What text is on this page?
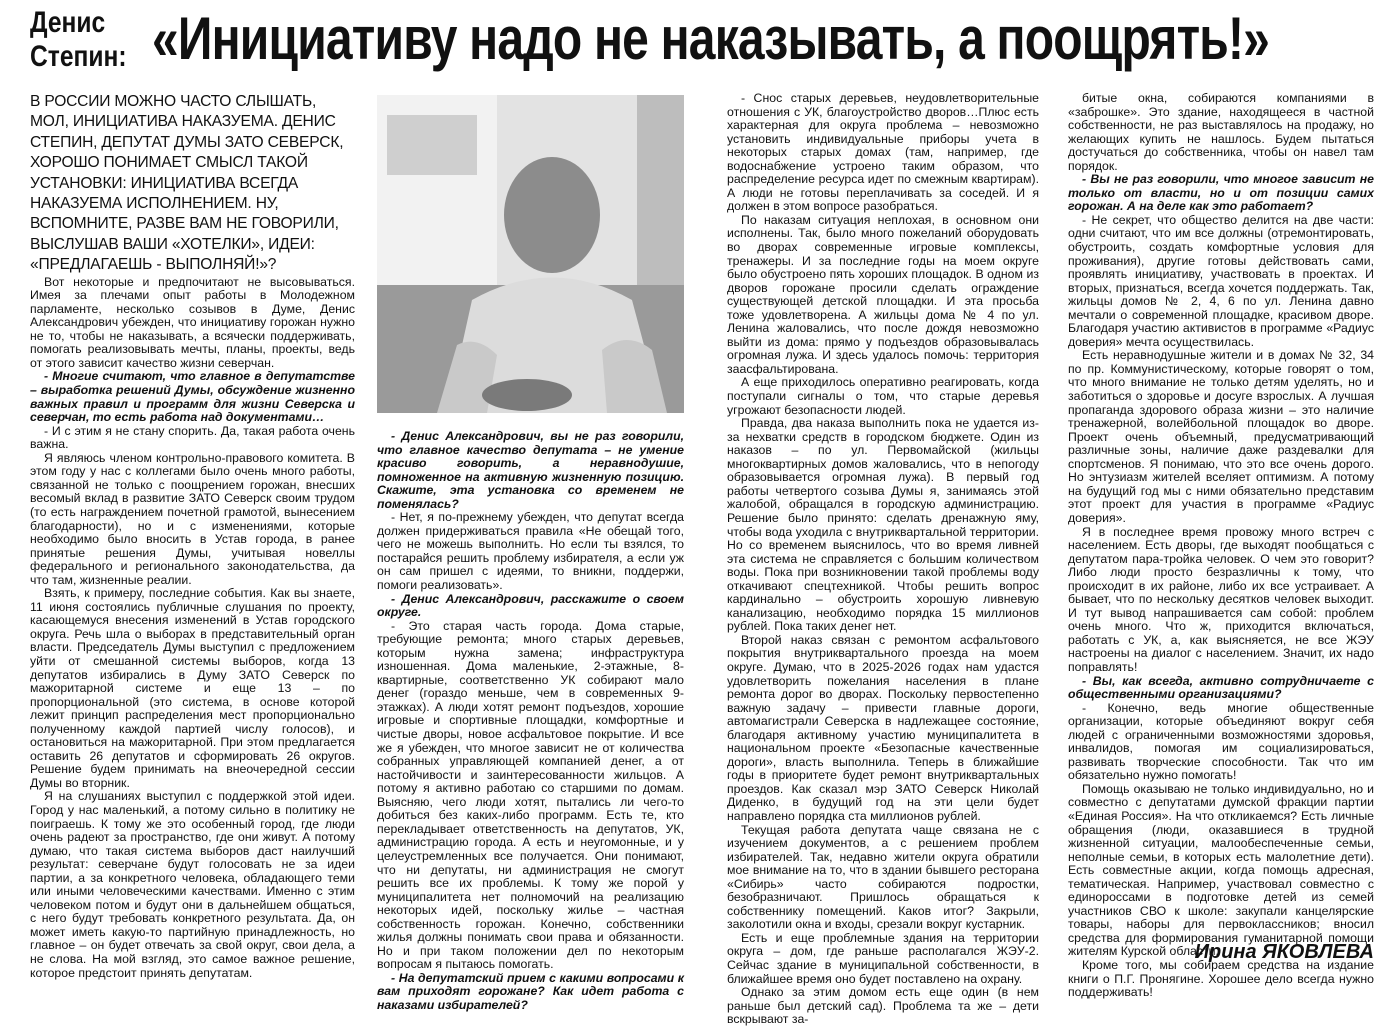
Денис
Степин: «Инициативу надо не наказывать, а поощрять!»
В РОССИИ МОЖНО ЧАСТО СЛЫШАТЬ, МОЛ, ИНИЦИАТИВА НАКАЗУЕМА. ДЕНИС СТЕПИН, ДЕПУТАТ ДУМЫ ЗАТО СЕВЕРСК, ХОРОШО ПОНИМАЕТ СМЫСЛ ТАКОЙ УСТАНОВКИ: ИНИЦИАТИВА ВСЕГДА НАКАЗУЕМА ИСПОЛНЕНИЕМ. НУ, ВСПОМНИТЕ, РАЗВЕ ВАМ НЕ ГОВОРИЛИ, ВЫСЛУШАВ ВАШИ «ХОТЕЛКИ», ИДЕИ: «ПРЕДЛАГАЕШЬ - ВЫПОЛНЯЙ!»?

Вот некоторые и предпочитают не высовываться. Имея за плечами опыт работы в Молодежном парламенте, несколько созывов в Думе, Денис Александрович убежден, что инициативу горожан нужно не то, чтобы не наказывать, а всячески поддерживать, помогать реализовывать мечты, планы, проекты, ведь от этого зависит качество жизни северчан.

- Многие считают, что главное в депутатстве – выработка решений Думы, обсуждение жизненно важных правил и программ для жизни Северска и северчан, то есть работа над документами…

- И с этим я не стану спорить. Да, такая работа очень важна.

Я являюсь членом контрольно-правового комитета. В этом году у нас с коллегами было очень много работы, связанной не только с поощрением горожан, внесших весомый вклад в развитие ЗАТО Северск своим трудом (то есть награждением почетной грамотой, вынесением благодарности), но и с изменениями, которые необходимо было вносить в Устав города, в ранее принятые решения Думы, учитывая новеллы федерального и регионального законодательства, да что там, жизненные реалии.

Взять, к примеру, последние события. Как вы знаете, 11 июня состоялись публичные слушания по проекту, касающемуся внесения изменений в Устав городского округа. Речь шла о выборах в представительный орган власти. Председатель Думы выступил с предложением уйти от смешанной системы выборов, когда 13 депутатов избирались в Думу ЗАТО Северск по мажоритарной системе и еще 13 – по пропорциональной (это система, в основе которой лежит принцип распределения мест пропорционально полученному каждой партией числу голосов), и остановиться на мажоритарной. При этом предлагается оставить 26 депутатов и сформировать 26 округов. Решение будем принимать на внеочередной сессии Думы во вторник.

Я на слушаниях выступил с поддержкой этой идеи. Город у нас маленький, а потому сильно в политику не поиграешь. К тому же это особенный город, где люди очень радеют за пространство, где они живут. А потому думаю, что такая система выборов даст наилучший результат: северчане будут голосовать не за идеи партии, а за конкретного человека, обладающего теми или иными человеческими качествами. Именно с этим человеком потом и будут они в дальнейшем общаться, с него будут требовать конкретного результата. Да, он может иметь какую-то партийную принадлежность, но главное – он будет отвечать за свой округ, свои дела, а не слова. На мой взгляд, это самое важное решение, которое предстоит принять депутатам.

- Денис Александрович, вы не раз говорили, что главное качество депутата – не умение красиво говорить, а неравнодушие, помноженное на активную жизненную позицию. Скажите, эта установка со временем не поменялась?

- Нет, я по-прежнему убежден, что депутат всегда должен придерживаться правила «Не обещай того, чего не можешь выполнить. Но если ты взялся, то постарайся решить проблему избирателя, а если уж он сам пришел с идеями, то вникни, поддержи, помоги реализовать».

- Денис Александрович, расскажите о своем округе.

- Это старая часть города. Дома старые, требующие ремонта; много старых деревьев, которым нужна замена; инфраструктура изношенная. Дома маленькие, 2-этажные, 8-квартирные, соответственно УК собирают мало денег (гораздо меньше, чем в современных 9-этажках). А люди хотят ремонт подъездов, хорошие игровые и спортивные площадки, комфортные и чистые дворы, новое асфальтовое покрытие. И все же я убежден, что многое зависит не от количества собранных управляющей компанией денег, а от настойчивости и заинтересованности жильцов. А потому я активно работаю со старшими по домам. Выясняю, чего люди хотят, пытались ли чего-то добиться без каких-либо программ. Есть те, кто перекладывает ответственность на депутатов, УК, администрацию города. А есть и неугомонные, и у целеустремленных все получается. Они понимают, что ни депутаты, ни администрация не смогут решить все их проблемы. К тому же порой у муниципалитета нет полномочий на реализацию некоторых идей, поскольку жилье – частная собственность горожан. Конечно, собственники жилья должны понимать свои права и обязанности. Но и при таком положении дел по некоторым вопросам я пытаюсь помогать.

- На депутатский прием с какими вопросами к вам приходят горожане? Как идет работа с наказами избирателей?

- Снос старых деревьев, неудовлетворительные отношения с УК, благоустройство дворов…Плюс есть характерная для округа проблема – невозможно установить индивидуальные приборы учета в некоторых старых домах (там, например, где водоснабжение устроено таким образом, что распределение ресурса идет по смежным квартирам). А люди не готовы переплачивать за соседей. И я должен в этом вопросе разобраться.

По наказам ситуация неплохая, в основном они исполнены. Так, было много пожеланий оборудовать во дворах современные игровые комплексы, тренажеры. И за последние годы на моем округе было обустроено пять хороших площадок. В одном из дворов горожане просили сделать ограждение существующей детской площадки. И эта просьба тоже удовлетворена. А жильцы дома № 4 по ул. Ленина жаловались, что после дождя невозможно выйти из дома: прямо у подъездов образовывалась огромная лужа. И здесь удалось помочь: территория заасфальтирована.

А еще приходилось оперативно реагировать, когда поступали сигналы о том, что старые деревья угрожают безопасности людей.

Правда, два наказа выполнить пока не удается из-за нехватки средств в городском бюджете. Один из наказов – по ул. Первомайской (жильцы многоквартирных домов жаловались, что в непогоду образовывается огромная лужа). В первый год работы четвертого созыва Думы я, занимаясь этой жалобой, обращался в городскую администрацию. Решение было принято: сделать дренажную яму, чтобы вода уходила с внутриквартальной территории. Но со временем выяснилось, что во время ливней эта система не справляется с большим количеством воды. Пока при возникновении такой проблемы воду откачивают спецтехникой. Чтобы решить вопрос кардинально – обустроить хорошую ливневую канализацию, необходимо порядка 15 миллионов рублей. Пока таких денег нет.

Второй наказ связан с ремонтом асфальтового покрытия внутриквартального проезда на моем округе. Думаю, что в 2025-2026 годах нам удастся удовлетворить пожелания населения в плане ремонта дорог во дворах. Поскольку первостепенно важную задачу – привести главные дороги, автомагистрали Северска в надлежащее состояние, благодаря активному участию муниципалитета в национальном проекте «Безопасные качественные дороги», власть выполнила. Теперь в ближайшие годы в приоритете будет ремонт внутриквартальных проездов. Как сказал мэр ЗАТО Северск Николай Диденко, в будущий год на эти цели будет направлено порядка ста миллионов рублей.

Текущая работа депутата чаще связана не с изучением документов, а с решением проблем избирателей. Так, недавно жители округа обратили мое внимание на то, что в здании бывшего ресторана «Сибирь» часто собираются подростки, безобразничают. Пришлось обращаться к собственнику помещений. Каков итог? Закрыли, заколотили окна и входы, срезали вокруг кустарник.

Есть и еще проблемные здания на территории округа – дом, где раньше располагался ЖЭУ-2. Сейчас здание в муниципальной собственности, в ближайшее время оно будет поставлено на охрану.

Однако за этим домом есть еще один (в нем раньше был детский сад). Проблема та же – дети вскрывают за-

битые окна, собираются компаниями в «заброшке». Это здание, находящееся в частной собственности, не раз выставлялось на продажу, но желающих купить не нашлось. Будем пытаться достучаться до собственника, чтобы он навел там порядок.

- Вы не раз говорили, что многое зависит не только от власти, но и от позиции самих горожан. А на деле как это работает?

- Не секрет, что общество делится на две части: одни считают, что им все должны (отремонтировать, обустроить, создать комфортные условия для проживания), другие готовы действовать сами, проявлять инициативу, участвовать в проектах. И вторых, признаться, всегда хочется поддержать. Так, жильцы домов № 2, 4, 6 по ул. Ленина давно мечтали о современной площадке, красивом дворе. Благодаря участию активистов в программе «Радиус доверия» мечта осуществилась.

Есть неравнодушные жители и в домах № 32, 34 по пр. Коммунистическому, которые говорят о том, что много внимание не только детям уделять, но и заботиться о здоровье и досуге взрослых. А лучшая пропаганда здорового образа жизни – это наличие тренажерной, волейбольной площадок во дворе. Проект очень объемный, предусматривающий различные зоны, наличие даже раздевалки для спортсменов. Я понимаю, что это все очень дорого. Но энтузиазм жителей вселяет оптимизм. А потому на будущий год мы с ними обязательно представим этот проект для участия в программе «Радиус доверия».

Я в последнее время провожу много встреч с населением. Есть дворы, где выходят пообщаться с депутатом пара-тройка человек. О чем это говорит? Либо люди просто безразличны к тому, что происходит в их районе, либо их все устраивает. А бывает, что по нескольку десятков человек выходит. И тут вывод напрашивается сам собой: проблем очень много. Что ж, приходится включаться, работать с УК, а, как выясняется, не все ЖЭУ настроены на диалог с населением. Значит, их надо поправлять!

- Вы, как всегда, активно сотрудничаете с общественными организациями?

- Конечно, ведь многие общественные организации, которые объединяют вокруг себя людей с ограниченными возможностями здоровья, инвалидов, помогая им социализироваться, развивать творческие способности. Так что им обязательно нужно помогать!

Помощь оказываю не только индивидуально, но и совместно с депутатами думской фракции партии «Единая Россия». На что откликаемся? Есть личные обращения (люди, оказавшиеся в трудной жизненной ситуации, малообеспеченные семьи, неполные семьи, в которых есть малолетние дети). Есть совместные акции, когда помощь адресная, тематическая. Например, участвовал совместно с единороссами в подготовке детей из семей участников СВО к школе: закупали канцелярские товары, наборы для первоклассников; вносил средства для формирования гуманитарной помощи жителям Курской области.

Кроме того, мы собираем средства на издание книги о П.Г. Пронягине. Хорошее дело всегда нужно поддерживать!

Ирина ЯКОВЛЕВА
